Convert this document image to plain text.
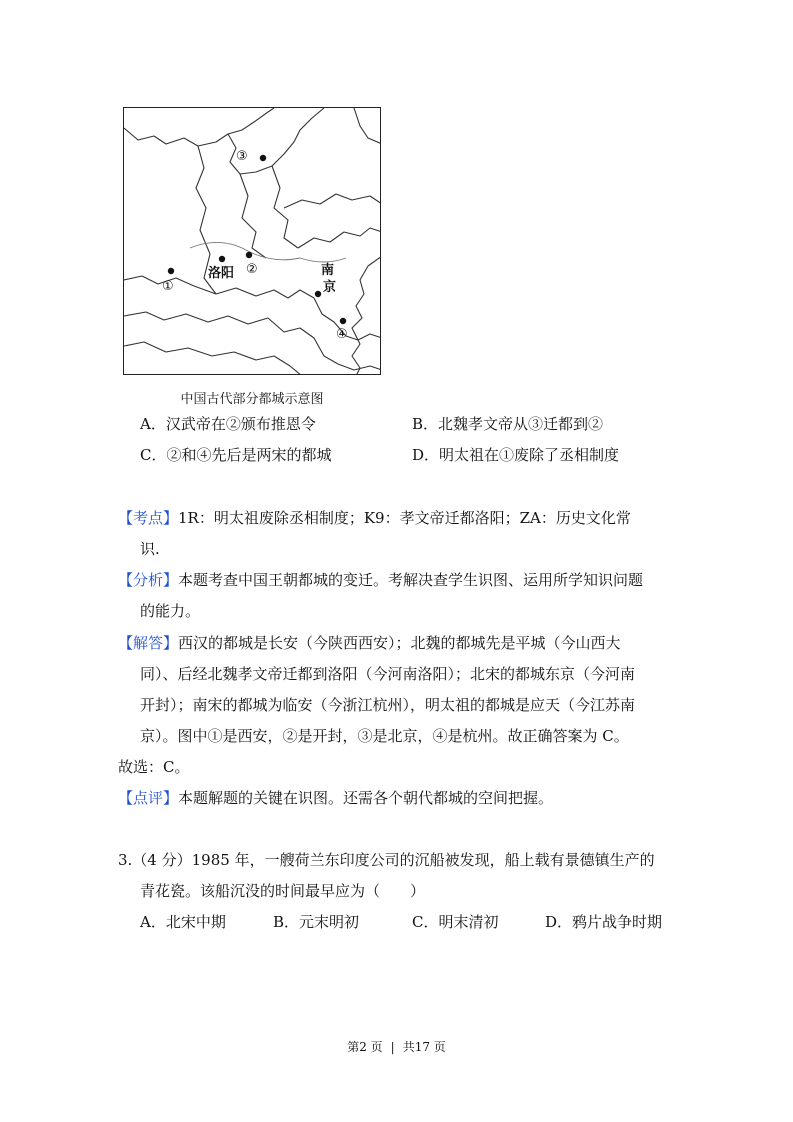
③
洛阳 ②
①
南
京
④
中国古代部分都城示意图
A．汉武帝在②颁布推恩令	B．北魏孝文帝从③迁都到②
C．②和④先后是两宋的都城	D．明太祖在①废除了丞相制度
【考点】1R：明太祖废除丞相制度；K9：孝文帝迁都洛阳；ZA：历史文化常
识.
【分析】本题考查中国王朝都城的变迁。考解决查学生识图、运用所学知识问题
的能力。
【解答】西汉的都城是长安（今陕西西安）；北魏的都城先是平城（今山西大
同）、后经北魏孝文帝迁都到洛阳（今河南洛阳）；北宋的都城东京（今河南
开封）；南宋的都城为临安（今浙江杭州），明太祖的都城是应天（今江苏南
京）。图中①是西安，②是开封，③是北京，④是杭州。故正确答案为 C。
故选：C。
【点评】本题解题的关键在识图。还需各个朝代都城的空间把握。
3.（4 分）1985 年，一艘荷兰东印度公司的沉船被发现，船上载有景德镇生产的
青花瓷。该船沉没的时间最早应为（　　）
A．北宋中期	B．元末明初	C．明末清初	D．鸦片战争时期
第2 页 | 共17 页
